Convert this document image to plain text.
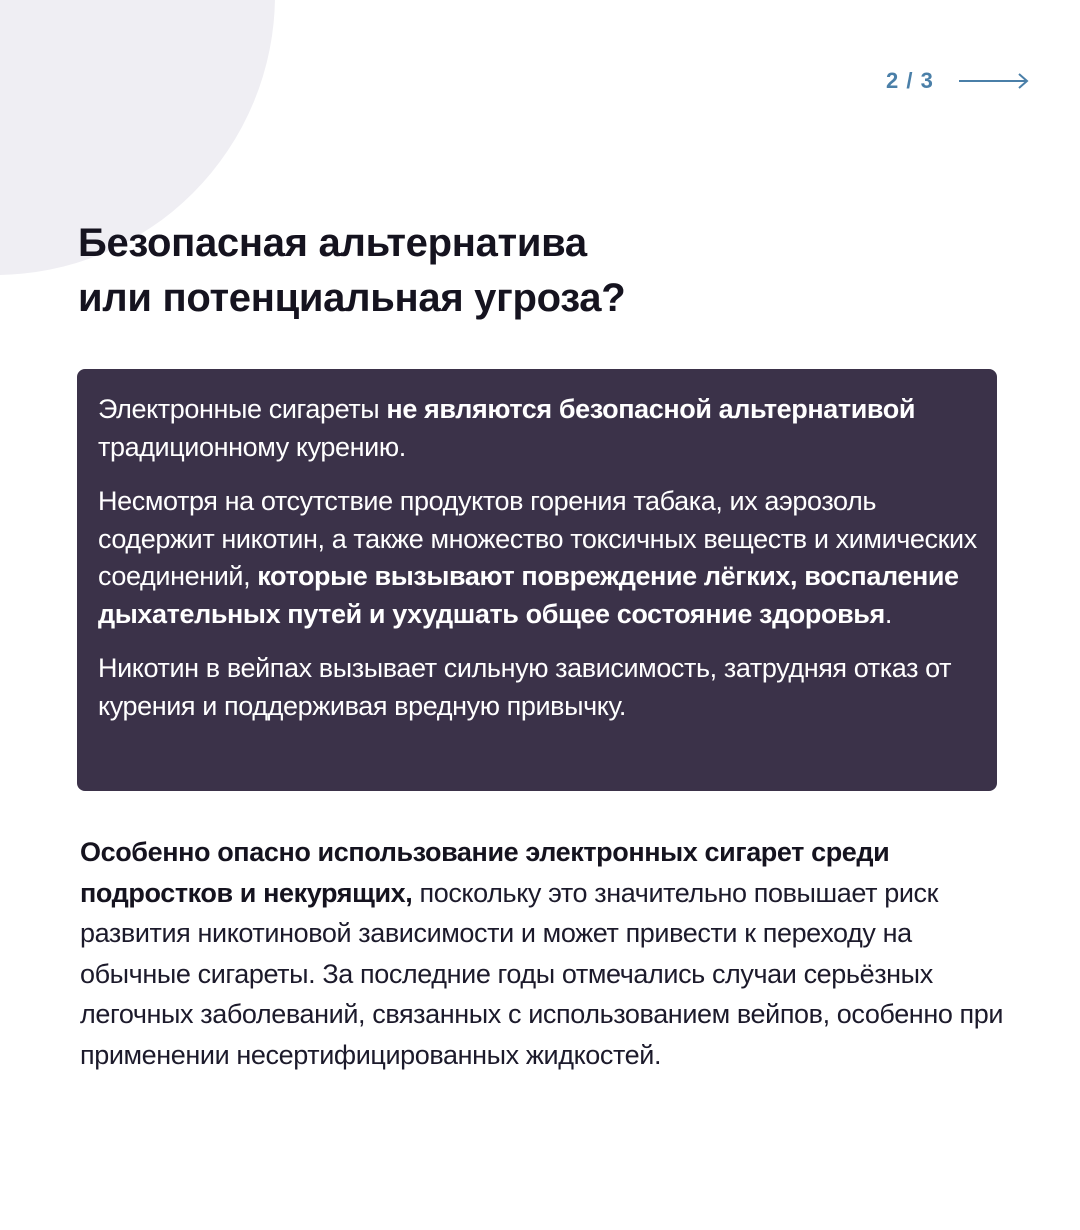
2 / 3
Безопасная альтернатива
или потенциальная угроза?

Электронные сигареты не являются безопасной альтернативой традиционному курению.

Несмотря на отсутствие продуктов горения табака, их аэрозоль содержит никотин, а также множество токсичных веществ и химических соединений, которые вызывают повреждение лёгких, воспаление дыхательных путей и ухудшать общее состояние здоровья.

Никотин в вейпах вызывает сильную зависимость, затрудняя отказ от курения и поддерживая вредную привычку.

Особенно опасно использование электронных сигарет среди подростков и некурящих, поскольку это значительно повышает риск развития никотиновой зависимости и может привести к переходу на обычные сигареты. За последние годы отмечались случаи серьёзных легочных заболеваний, связанных с использованием вейпов, особенно при применении несертифицированных жидкостей.
